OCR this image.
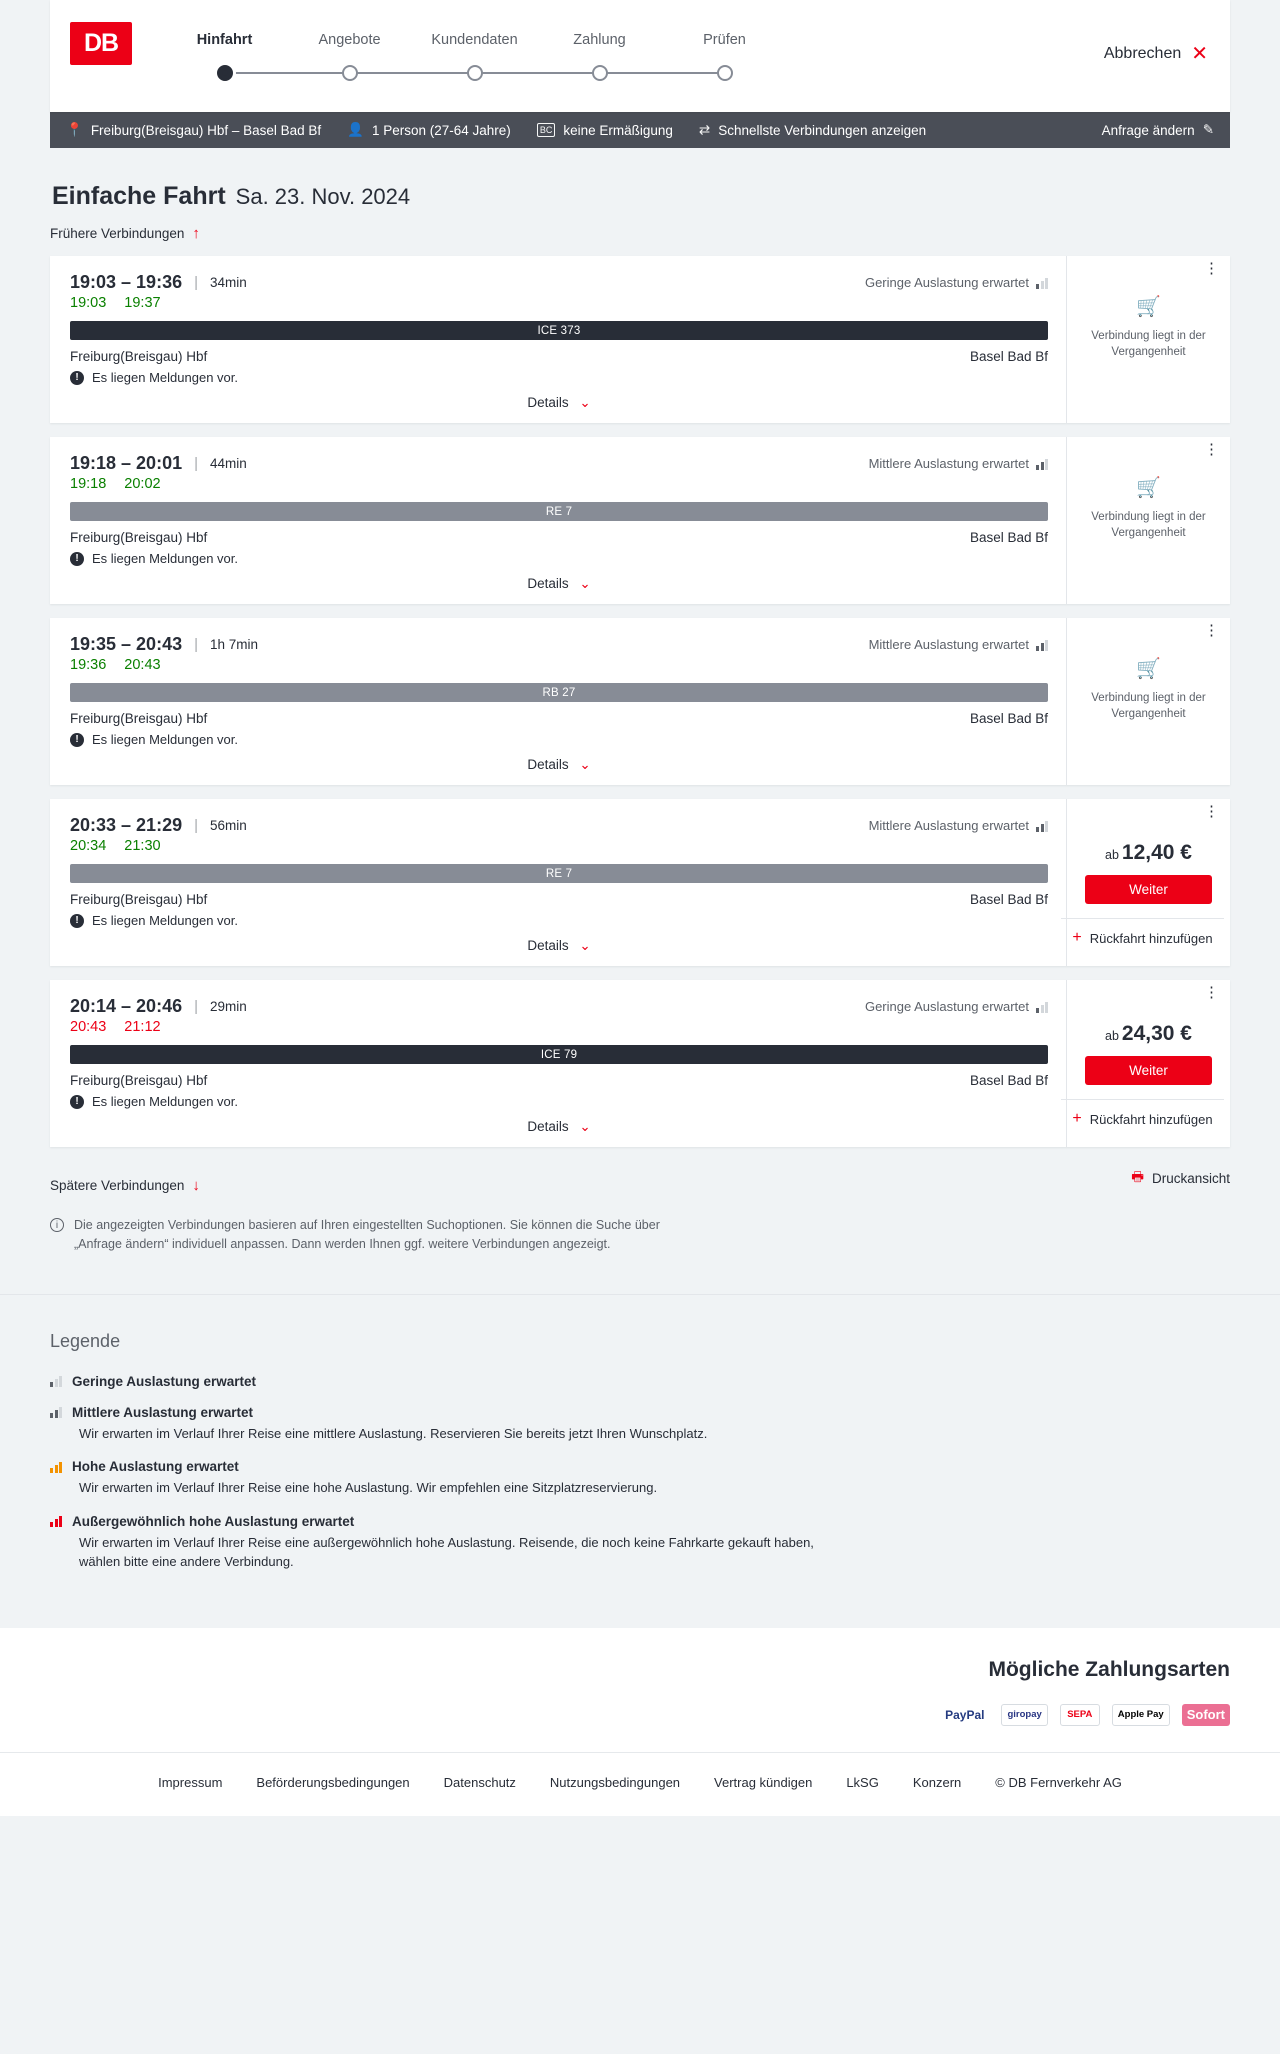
DB	Hinfahrt	Angebote	Kundendaten	Zahlung	Prüfen
Abbrechen ✕
📍 Freiburg(Breisgau) Hbf – Basel Bad Bf 👤 1 Person (27-64 Jahre)	BC keine Ermäßigung ⇄ Schnellste Verbindungen anzeigen	Anfrage ändern ✎
Einfache Fahrt Sa. 23. Nov. 2024
Frühere Verbindungen ↑
19:03 – 19:36 | 34min	Geringe Auslastung erwartet
19:03 19:37
ICE 373
Freiburg(Breisgau) Hbf	Basel Bad Bf
!	Es liegen Meldungen vor.
Details ⌄
⋮
🛒
Verbindung liegt in der Vergangenheit
19:18 – 20:01 | 44min	Mittlere Auslastung erwartet
19:18 20:02
RE 7
Freiburg(Breisgau) Hbf	Basel Bad Bf
!	Es liegen Meldungen vor.
Details ⌄
⋮
🛒
Verbindung liegt in der Vergangenheit
19:35 – 20:43 | 1h 7min	Mittlere Auslastung erwartet
19:36 20:43
RB 27
Freiburg(Breisgau) Hbf	Basel Bad Bf
!	Es liegen Meldungen vor.
Details ⌄
⋮
🛒
Verbindung liegt in der Vergangenheit
20:33 – 21:29 | 56min	Mittlere Auslastung erwartet
20:34 21:30
RE 7
Freiburg(Breisgau) Hbf	Basel Bad Bf
!	Es liegen Meldungen vor.
Details ⌄
⋮
ab 12,40 €
Weiter
+ Rückfahrt hinzufügen
20:14 – 20:46 | 29min	Geringe Auslastung erwartet
20:43 21:12
ICE 79
Freiburg(Breisgau) Hbf	Basel Bad Bf
!	Es liegen Meldungen vor.
Details ⌄
⋮
ab 24,30 €
Weiter
+ Rückfahrt hinzufügen
Spätere Verbindungen ↓
🖶 Druckansicht
i	Die angezeigten Verbindungen basieren auf Ihren eingestellten Suchoptionen. Sie können die Suche über „Anfrage ändern“ individuell anpassen. Dann werden Ihnen ggf. weitere Verbindungen angezeigt.
Legende
Geringe Auslastung erwartet
Mittlere Auslastung erwartet
Wir erwarten im Verlauf Ihrer Reise eine mittlere Auslastung. Reservieren Sie bereits jetzt Ihren Wunschplatz.
Hohe Auslastung erwartet
Wir erwarten im Verlauf Ihrer Reise eine hohe Auslastung. Wir empfehlen eine Sitzplatzreservierung.
Außergewöhnlich hohe Auslastung erwartet
Wir erwarten im Verlauf Ihrer Reise eine außergewöhnlich hohe Auslastung. Reisende, die noch keine Fahrkarte gekauft haben, wählen bitte eine andere Verbindung.
Mögliche Zahlungsarten
PayPal	giropay	SEPA	Apple Pay	Sofort
Impressum	Beförderungsbedingungen	Datenschutz	Nutzungsbedingungen	Vertrag kündigen	LkSG	Konzern	© DB Fernverkehr AG
